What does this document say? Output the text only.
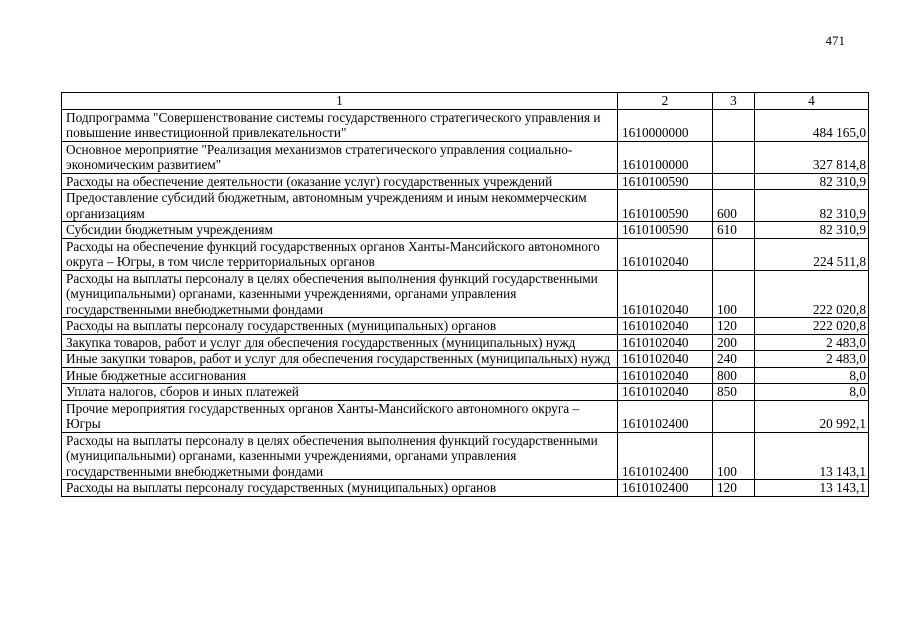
471
1	2	3	4
Подпрограмма "Совершенствование системы государственного стратегического управления и повышение инвестиционной привлекательности"	1610000000		484 165,0
Основное мероприятие "Реализация механизмов стратегического управления социально-экономическим развитием"	1610100000		327 814,8
Расходы на обеспечение деятельности (оказание услуг) государственных учреждений	1610100590		82 310,9
Предоставление субсидий бюджетным, автономным учреждениям и иным некоммерческим организациям	1610100590	600	82 310,9
Субсидии бюджетным учреждениям	1610100590	610	82 310,9
Расходы на обеспечение функций государственных органов Ханты-Мансийского автономного округа – Югры, в том числе территориальных органов	1610102040		224 511,8
Расходы на выплаты персоналу в целях обеспечения выполнения функций государственными (муниципальными) органами, казенными учреждениями, органами управления государственными внебюджетными фондами	1610102040	100	222 020,8
Расходы на выплаты персоналу государственных (муниципальных) органов	1610102040	120	222 020,8
Закупка товаров, работ и услуг для обеспечения государственных (муниципальных) нужд	1610102040	200	2 483,0
Иные закупки товаров, работ и услуг для обеспечения государственных (муниципальных) нужд	1610102040	240	2 483,0
Иные бюджетные ассигнования	1610102040	800	8,0
Уплата налогов, сборов и иных платежей	1610102040	850	8,0
Прочие мероприятия государственных органов Ханты-Мансийского автономного округа – Югры	1610102400		20 992,1
Расходы на выплаты персоналу в целях обеспечения выполнения функций государственными (муниципальными) органами, казенными учреждениями, органами управления государственными внебюджетными фондами	1610102400	100	13 143,1
Расходы на выплаты персоналу государственных (муниципальных) органов	1610102400	120	13 143,1
